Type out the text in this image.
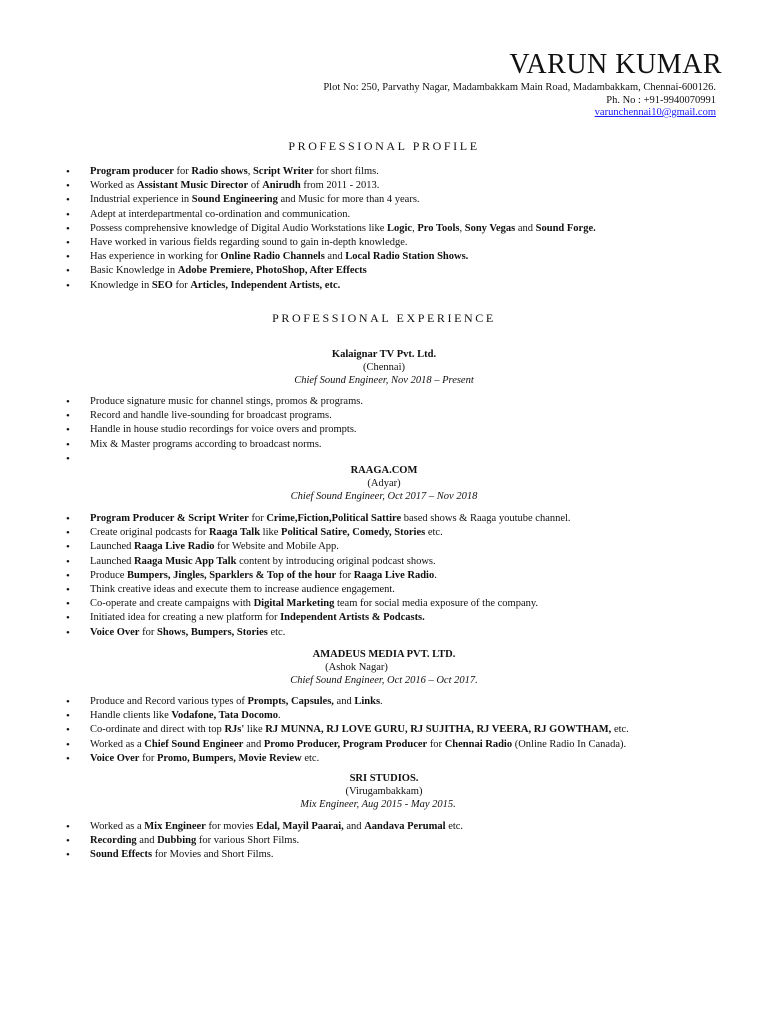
VARUN KUMAR
Plot No: 250, Parvathy Nagar, Madambakkam Main Road, Madambakkam, Chennai-600126.
Ph. No : +91-9940070991
varunchennai10@gmail.com
PROFESSIONAL PROFILE
• Program producer for Radio shows, Script Writer for short films.
• Worked as Assistant Music Director of Anirudh from 2011 - 2013.
• Industrial experience in Sound Engineering and Music for more than 4 years.
• Adept at interdepartmental co-ordination and communication.
• Possess comprehensive knowledge of Digital Audio Workstations like Logic, Pro Tools, Sony Vegas and Sound Forge.
• Have worked in various fields regarding sound to gain in-depth knowledge.
• Has experience in working for Online Radio Channels and Local Radio Station Shows.
• Basic Knowledge in Adobe Premiere, PhotoShop, After Effects
• Knowledge in SEO for Articles, Independent Artists, etc.
PROFESSIONAL EXPERIENCE
Kalaignar TV Pvt. Ltd.
(Chennai)
Chief Sound Engineer, Nov 2018 – Present
• Produce signature music for channel stings, promos & programs.
• Record and handle live-sounding for broadcast programs.
• Handle in house studio recordings for voice overs and prompts.
• Mix & Master programs according to broadcast norms.
•
RAAGA.COM
(Adyar)
Chief Sound Engineer, Oct 2017 – Nov 2018
• Program Producer & Script Writer for Crime,Fiction,Political Sattire based shows & Raaga youtube channel.
• Create original podcasts for Raaga Talk like Political Satire, Comedy, Stories etc.
• Launched Raaga Live Radio for Website and Mobile App.
• Launched Raaga Music App Talk content by introducing original podcast shows.
• Produce Bumpers, Jingles, Sparklers & Top of the hour for Raaga Live Radio.
• Think creative ideas and execute them to increase audience engagement.
• Co-operate and create campaigns with Digital Marketing team for social media exposure of the company.
• Initiated idea for creating a new platform for Independent Artists & Podcasts.
• Voice Over for Shows, Bumpers, Stories etc.
AMADEUS MEDIA PVT. LTD.
(Ashok Nagar)
Chief Sound Engineer, Oct 2016 – Oct 2017.
• Produce and Record various types of Prompts, Capsules, and Links.
• Handle clients like Vodafone, Tata Docomo.
• Co-ordinate and direct with top RJs' like RJ MUNNA, RJ LOVE GURU, RJ SUJITHA, RJ VEERA, RJ GOWTHAM, etc.
• Worked as a Chief Sound Engineer and Promo Producer, Program Producer for Chennai Radio (Online Radio In Canada).
• Voice Over for Promo, Bumpers, Movie Review etc.
SRI STUDIOS.
(Virugambakkam)
Mix Engineer, Aug 2015 - May 2015.
• Worked as a Mix Engineer for movies Edal, Mayil Paarai, and Aandava Perumal etc.
• Recording and Dubbing for various Short Films.
• Sound Effects for Movies and Short Films.
